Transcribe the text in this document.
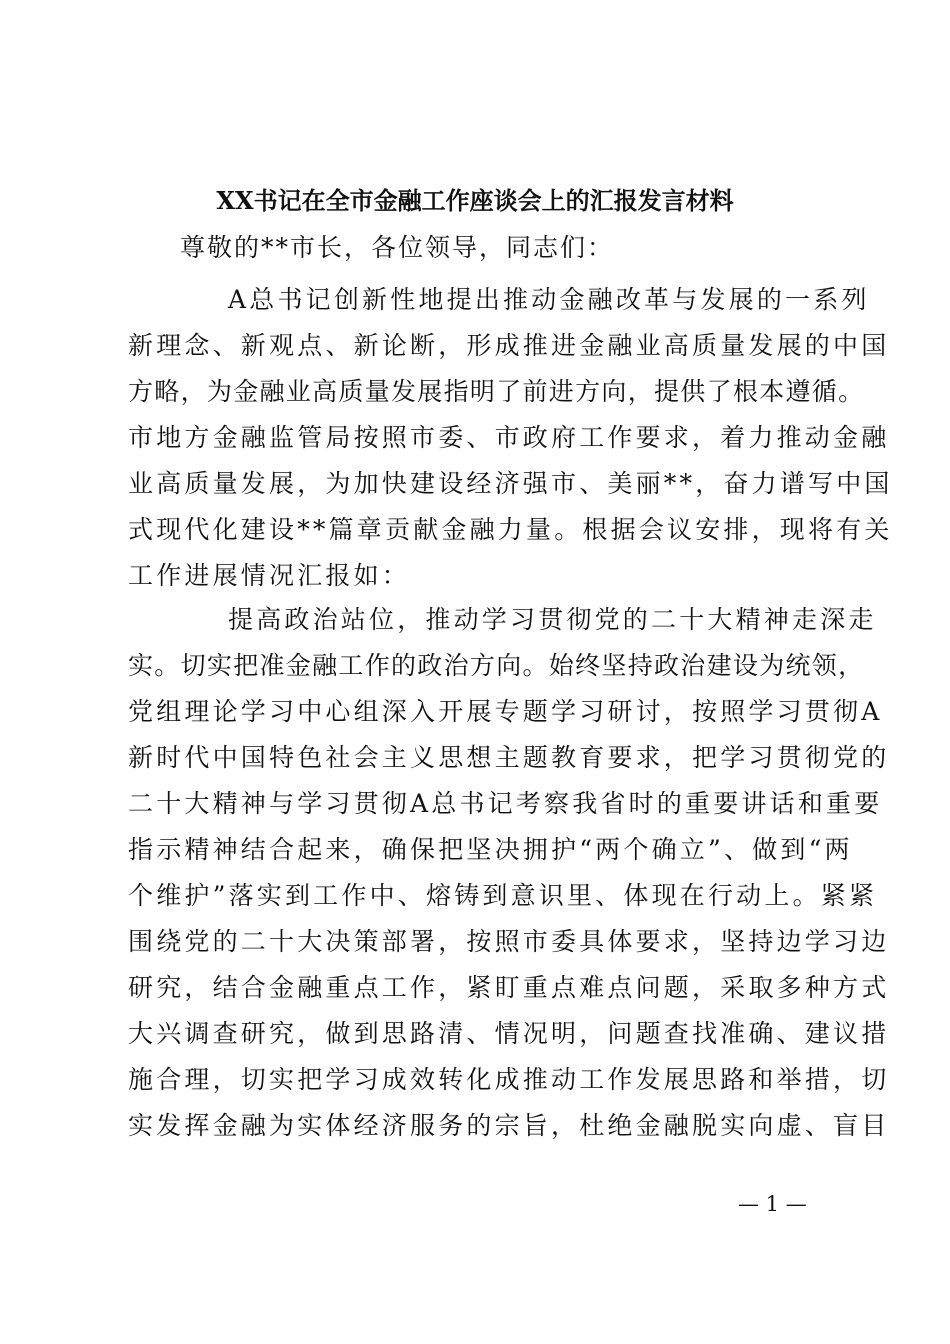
XX书记在全市金融工作座谈会上的汇报发言材料

尊敬的**市长，各位领导，同志们：

A总书记创新性地提出推动金融改革与发展的一系列
新理念、新观点、新论断，形成推进金融业高质量发展的中国
方略，为金融业高质量发展指明了前进方向，提供了根本遵循。
市地方金融监管局按照市委、市政府工作要求，着力推动金融
业高质量发展，为加快建设经济强市、美丽**，奋力谱写中国
式现代化建设**篇章贡献金融力量。根据会议安排，现将有关
工作进展情况汇报如：
提高政治站位，推动学习贯彻党的二十大精神走深走
实。切实把准金融工作的政治方向。始终坚持政治建设为统领，
党组理论学习中心组深入开展专题学习研讨，按照学习贯彻A
新时代中国特色社会主义思想主题教育要求，把学习贯彻党的
二十大精神与学习贯彻A总书记考察我省时的重要讲话和重要
指示精神结合起来，确保把坚决拥护“两个确立”、做到“两
个维护”落实到工作中、熔铸到意识里、体现在行动上。紧紧
围绕党的二十大决策部署，按照市委具体要求，坚持边学习边
研究，结合金融重点工作，紧盯重点难点问题，采取多种方式
大兴调查研究，做到思路清、情况明，问题查找准确、建议措
施合理，切实把学习成效转化成推动工作发展思路和举措，切
实发挥金融为实体经济服务的宗旨，杜绝金融脱实向虚、盲目
— 1 —
